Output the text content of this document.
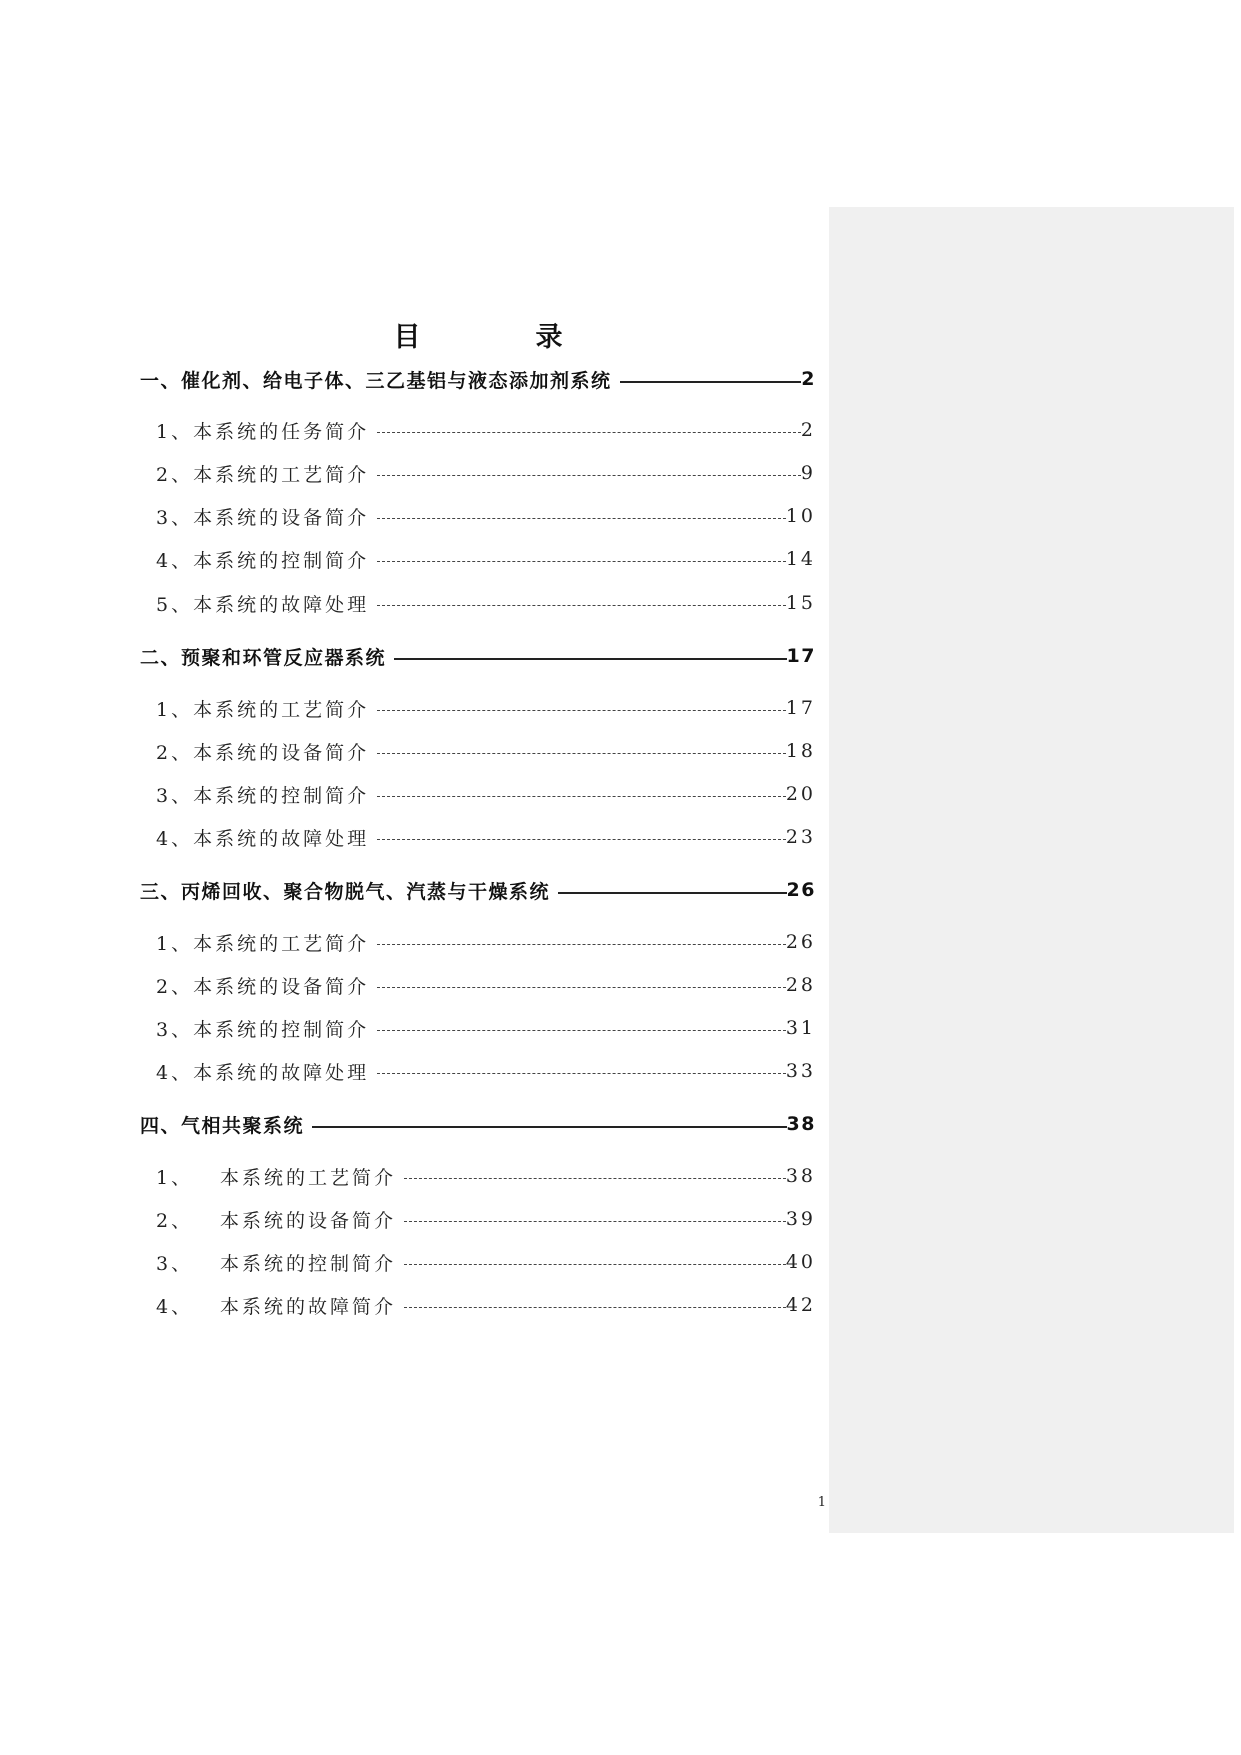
目　录
一、催化剂、给电子体、三乙基铝与液态添加剂系统	2
1、本系统的任务简介	2
2、本系统的工艺简介	9
3、本系统的设备简介	10
4、本系统的控制简介	14
5、本系统的故障处理	15
二、预聚和环管反应器系统	17
1、本系统的工艺简介	17
2、本系统的设备简介	18
3、本系统的控制简介	20
4、本系统的故障处理	23
三、丙烯回收、聚合物脱气、汽蒸与干燥系统	26
1、本系统的工艺简介	26
2、本系统的设备简介	28
3、本系统的控制简介	31
4、本系统的故障处理	33
四、气相共聚系统	38
1、 本系统的工艺简介	38
2、 本系统的设备简介	39
3、 本系统的控制简介	40
4、 本系统的故障简介	42
1
